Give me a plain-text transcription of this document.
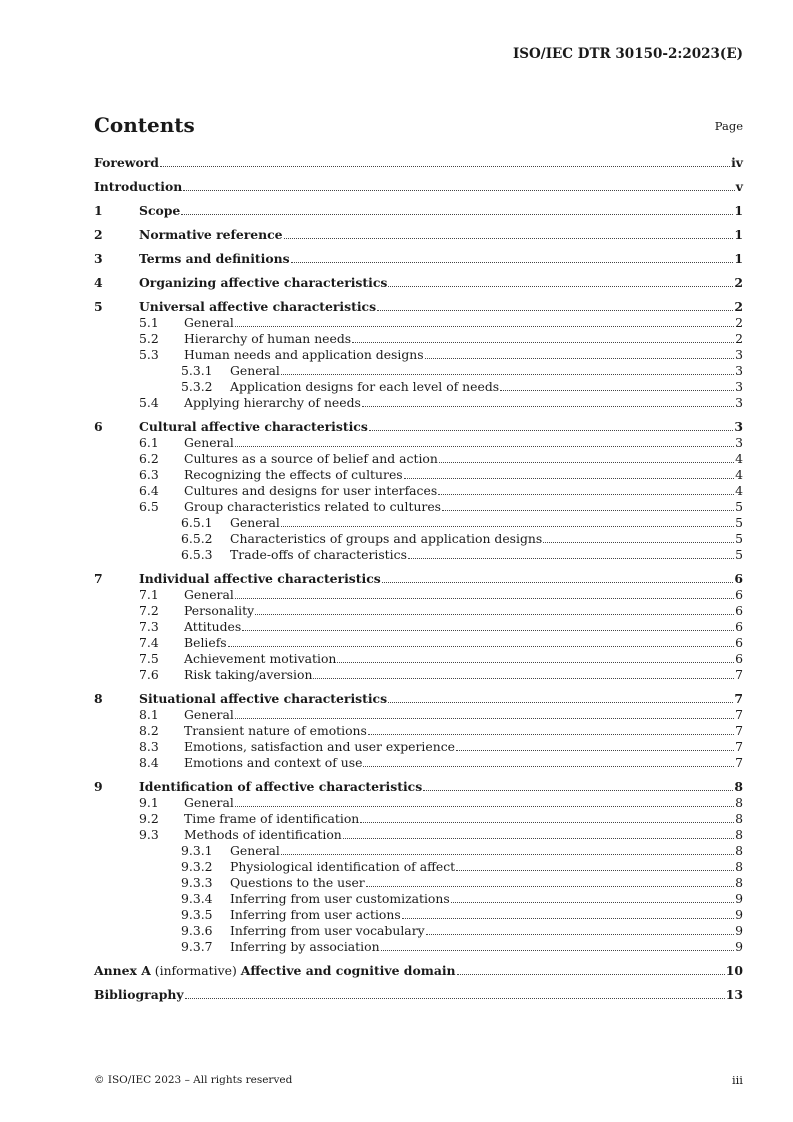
ISO/IEC DTR 30150-2:2023(E)
Contents	Page
Foreword	iv
Introduction	v
1	Scope	1
2	Normative reference	1
3	Terms and definitions	1
4	Organizing affective characteristics	2
5	Universal affective characteristics	2
5.1	General	2
5.2	Hierarchy of human needs	2
5.3	Human needs and application designs	3
5.3.1	General	3
5.3.2	Application designs for each level of needs	3
5.4	Applying hierarchy of needs	3
6	Cultural affective characteristics	3
6.1	General	3
6.2	Cultures as a source of belief and action	4
6.3	Recognizing the effects of cultures	4
6.4	Cultures and designs for user interfaces	4
6.5	Group characteristics related to cultures	5
6.5.1	General	5
6.5.2	Characteristics of groups and application designs	5
6.5.3	Trade-offs of characteristics	5
7	Individual affective characteristics	6
7.1	General	6
7.2	Personality	6
7.3	Attitudes	6
7.4	Beliefs	6
7.5	Achievement motivation	6
7.6	Risk taking/aversion	7
8	Situational affective characteristics	7
8.1	General	7
8.2	Transient nature of emotions	7
8.3	Emotions, satisfaction and user experience	7
8.4	Emotions and context of use	7
9	Identification of affective characteristics	8
9.1	General	8
9.2	Time frame of identification	8
9.3	Methods of identification	8
9.3.1	General	8
9.3.2	Physiological identification of affect	8
9.3.3	Questions to the user	8
9.3.4	Inferring from user customizations	9
9.3.5	Inferring from user actions	9
9.3.6	Inferring from user vocabulary	9
9.3.7	Inferring by association	9
Annex A (informative) Affective and cognitive domain	10
Bibliography	13
© ISO/IEC 2023 – All rights reserved	iii
